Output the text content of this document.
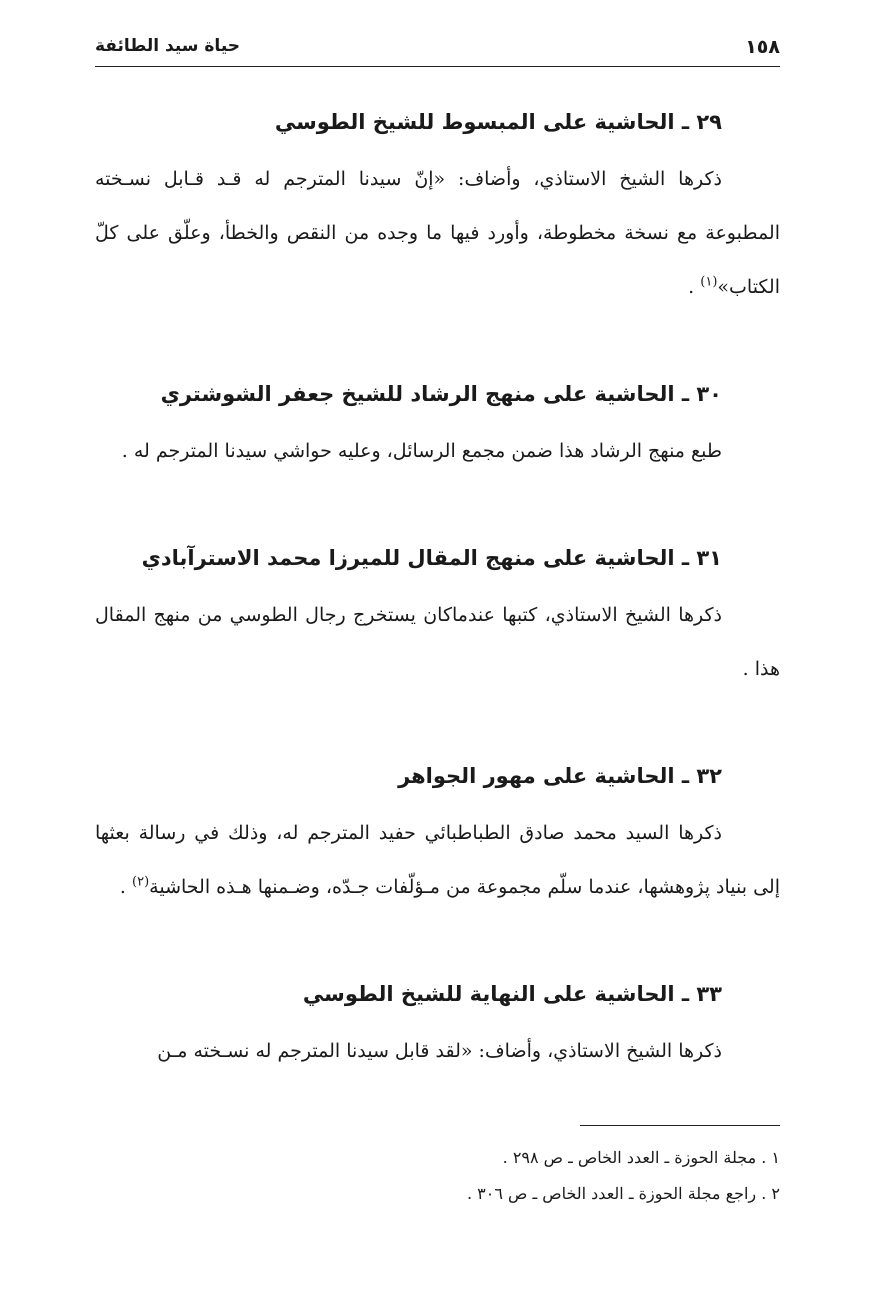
١٥٨
حياة سيد الطائفة
٢٩ ـ الحاشية على المبسوط للشيخ الطوسي

ذكرها الشيخ الاستاذي، وأضاف: «إنّ سيدنا المترجم له قـد قـابل نسـخته المطبوعة مع نسخة مخطوطة، وأورد فيها ما وجده من النقص والخطأ، وعلّق على كلّ الكتاب»$^{(١)}$ .

٣٠ ـ الحاشية على منهج الرشاد للشيخ جعفر الشوشتري

طبع منهج الرشاد هذا ضمن مجمع الرسائل، وعليه حواشي سيدنا المترجم له .

٣١ ـ الحاشية على منهج المقال للميرزا محمد الاسترآبادي

ذكرها الشيخ الاستاذي، كتبها عندماكان يستخرج رجال الطوسي من منهج المقال هذا .

٣٢ ـ الحاشية على مهور الجواهر

ذكرها السيد محمد صادق الطباطبائي حفيد المترجم له، وذلك في رسالة بعثها إلى بنياد پژوهشها، عندما سلّم مجموعة من مـؤلّفات جـدّه، وضـمنها هـذه الحاشية$^{(٢)}$ .

٣٣ ـ الحاشية على النهاية للشيخ الطوسي

ذكرها الشيخ الاستاذي، وأضاف: «لقد قابل سيدنا المترجم له نسـخته مـن

١ . مجلة الحوزة ـ العدد الخاص ـ ص ٢٩٨ .
٢ . راجع مجلة الحوزة ـ العدد الخاص ـ ص ٣٠٦ .
